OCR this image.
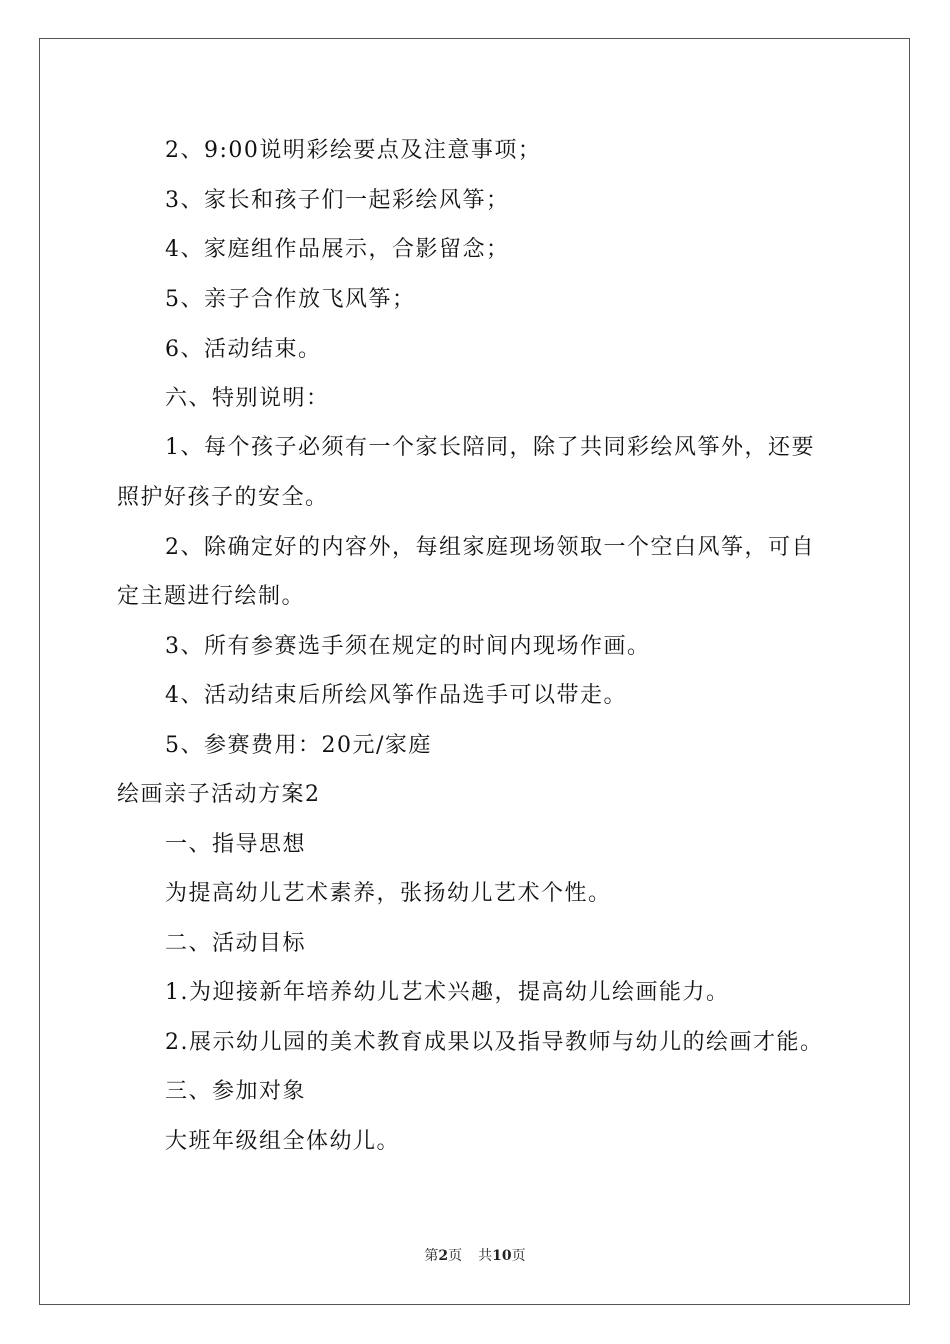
2、9:00说明彩绘要点及注意事项；
3、家长和孩子们一起彩绘风筝；
4、家庭组作品展示，合影留念；
5、亲子合作放飞风筝；
6、活动结束。
六、特别说明：
1、每个孩子必须有一个家长陪同，除了共同彩绘风筝外，还要
照护好孩子的安全。
2、除确定好的内容外，每组家庭现场领取一个空白风筝，可自
定主题进行绘制。
3、所有参赛选手须在规定的时间内现场作画。
4、活动结束后所绘风筝作品选手可以带走。
5、参赛费用：20元/家庭
绘画亲子活动方案2
一、指导思想
为提高幼儿艺术素养，张扬幼儿艺术个性。
二、活动目标
1.为迎接新年培养幼儿艺术兴趣，提高幼儿绘画能力。
2.展示幼儿园的美术教育成果以及指导教师与幼儿的绘画才能。
三、参加对象
大班年级组全体幼儿。
第2页 共10页
